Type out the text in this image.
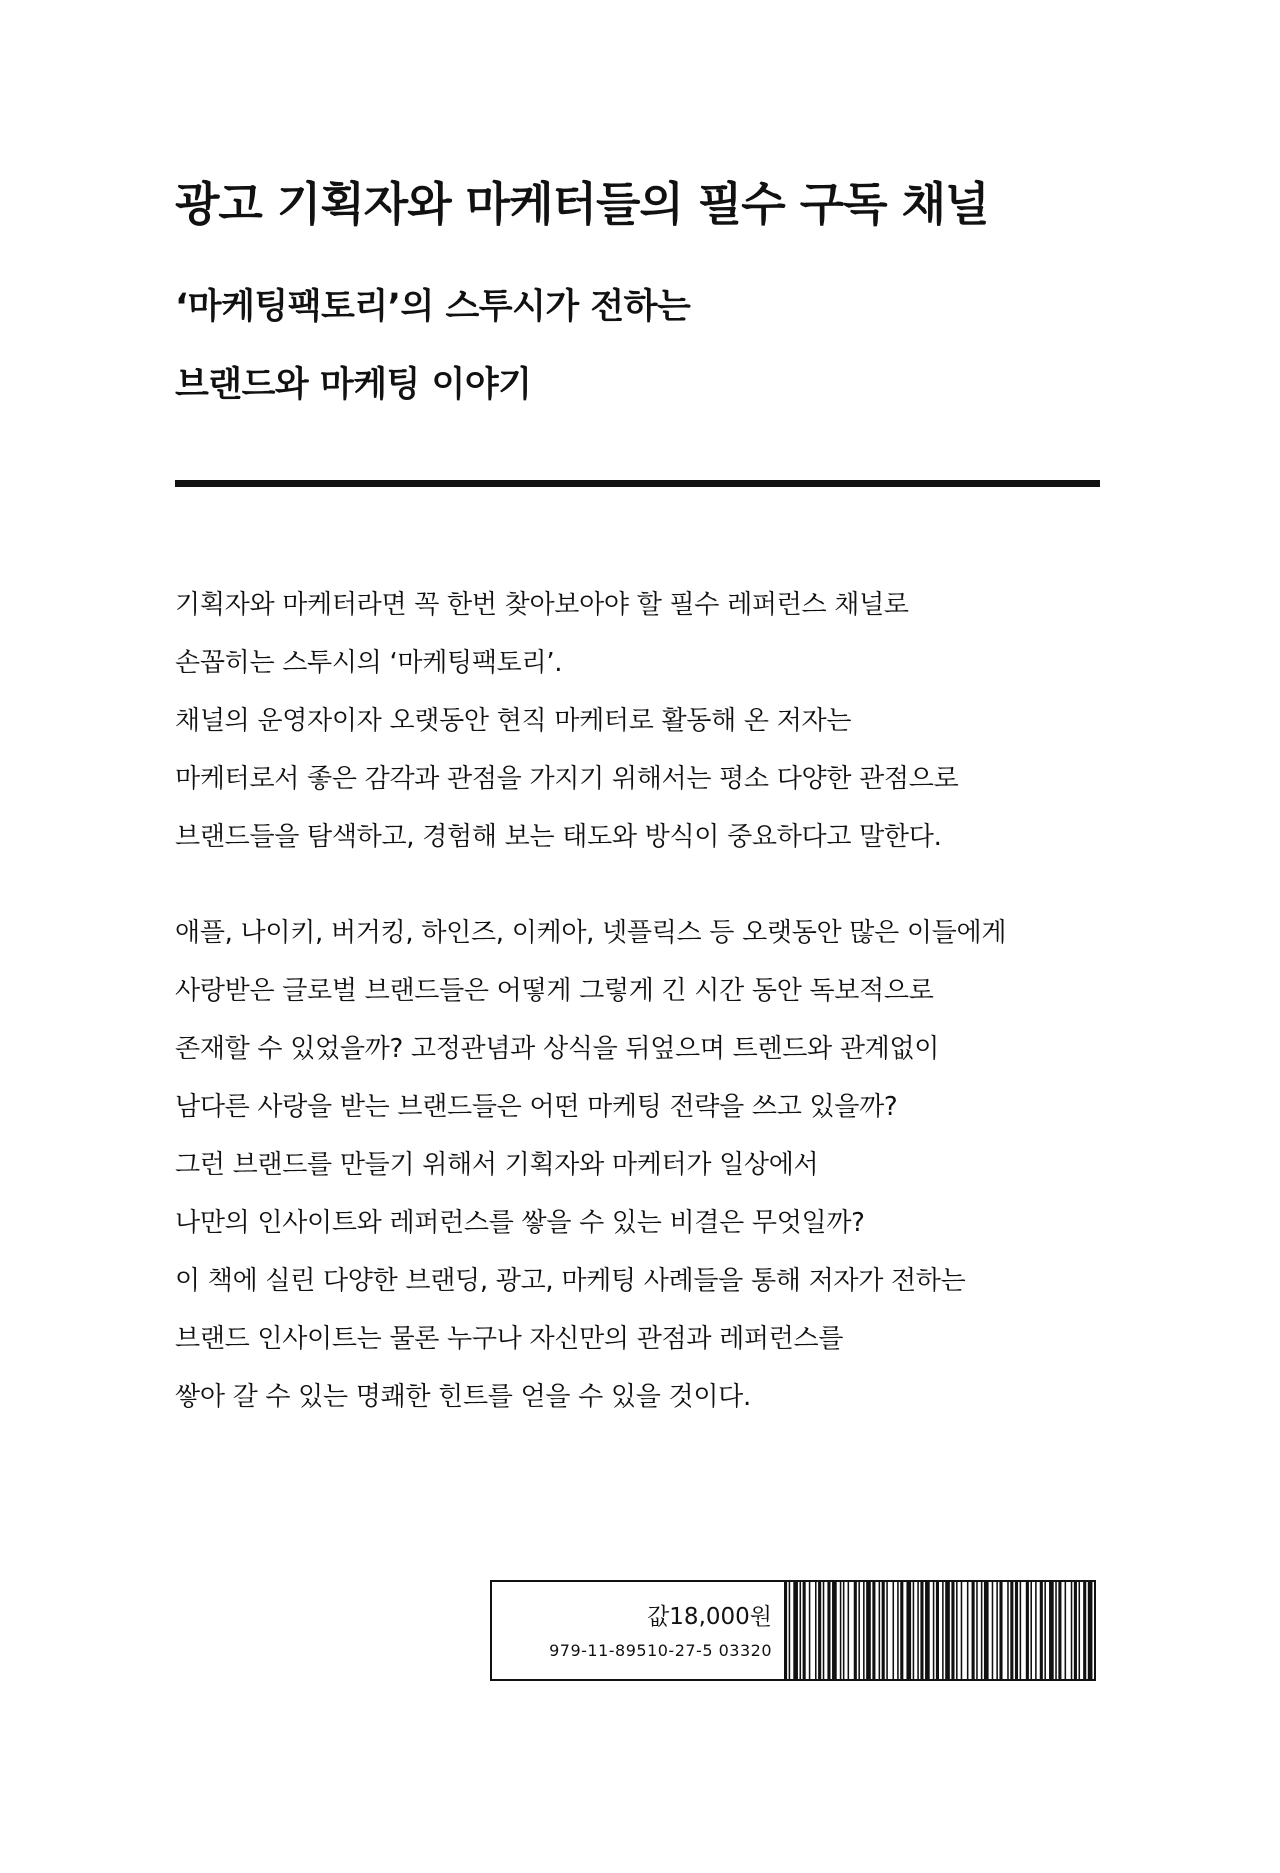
광고 기획자와 마케터들의 필수 구독 채널
‘마케팅팩토리’의 스투시가 전하는
브랜드와 마케팅 이야기
기획자와 마케터라면 꼭 한번 찾아보아야 할 필수 레퍼런스 채널로
손꼽히는 스투시의 ‘마케팅팩토리’.
채널의 운영자이자 오랫동안 현직 마케터로 활동해 온 저자는
마케터로서 좋은 감각과 관점을 가지기 위해서는 평소 다양한 관점으로
브랜드들을 탐색하고, 경험해 보는 태도와 방식이 중요하다고 말한다.
애플, 나이키, 버거킹, 하인즈, 이케아, 넷플릭스 등 오랫동안 많은 이들에게
사랑받은 글로벌 브랜드들은 어떻게 그렇게 긴 시간 동안 독보적으로
존재할 수 있었을까? 고정관념과 상식을 뒤엎으며 트렌드와 관계없이
남다른 사랑을 받는 브랜드들은 어떤 마케팅 전략을 쓰고 있을까?
그런 브랜드를 만들기 위해서 기획자와 마케터가 일상에서
나만의 인사이트와 레퍼런스를 쌓을 수 있는 비결은 무엇일까?
이 책에 실린 다양한 브랜딩, 광고, 마케팅 사례들을 통해 저자가 전하는
브랜드 인사이트는 물론 누구나 자신만의 관점과 레퍼런스를
쌓아 갈 수 있는 명쾌한 힌트를 얻을 수 있을 것이다.
값18,000원
979-11-89510-27-5 03320
